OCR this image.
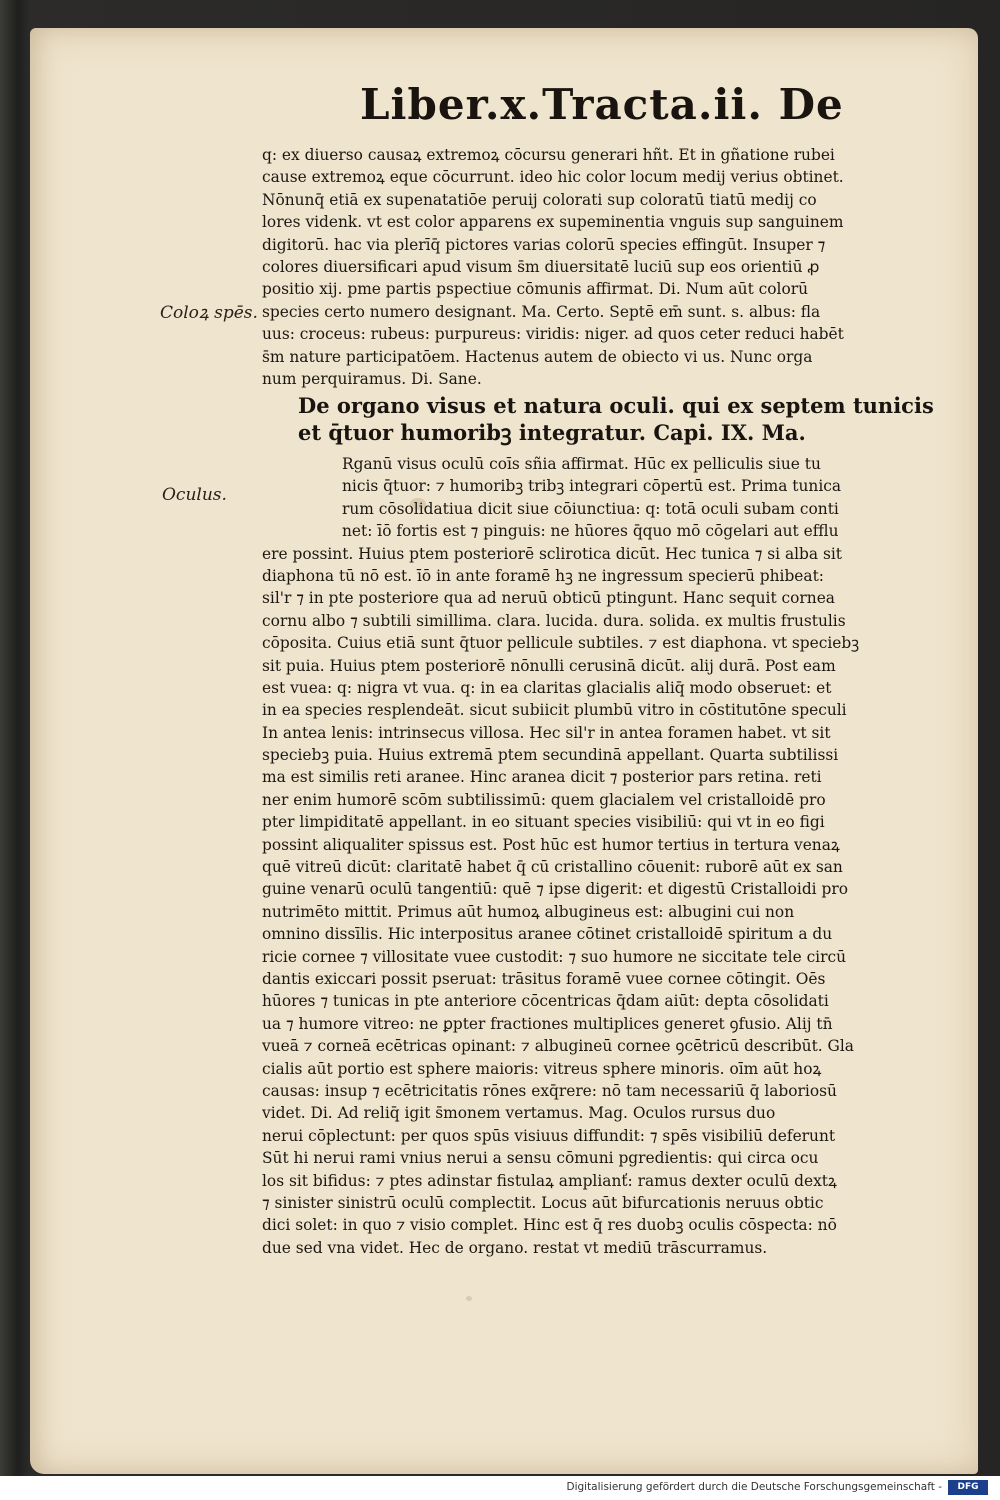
Liber.x.Tracta.ii. De
Coloꝝ spēs.
Oculus.
q: ex diuerso causaꝝ extremoꝝ cōcursu generari hñt. Et in gñatione rubei
cause extremoꝝ eque cōcurrunt. ideo hic color locum medij verius obtinet.
Nōnunq̄ etiā ex supenatatiōe peruij colorati sup coloratū tiatū medij co
lores videnk. vt est color apparens ex supeminentia vnguis sup sanguinem
digitorū. hac via plerīq̄ pictores varias colorū species effingūt. Insuper ⁊
colores diuersificari apud visum s̄m diuersitatē luciū sup eos orientiū ꝓ
positio xij. pme partis pspectiue cōmunis affirmat. Di. Num aūt colorū
species certo numero designant. Ma. Certo. Septē em̄ sunt. s. albus: fla
uus: croceus: rubeus: purpureus: viridis: niger. ad quos ceter reduci habēt
s̄m nature participatōem. Hactenus autem de obiecto vi us. Nunc orga
num perquiramus. Di. Sane.
De organo visus et natura oculi. qui ex septem tunicis
et q̄tuor humoribꝫ integratur. Capi. IX. Ma.
Rganū visus oculū coīs sñia affirmat. Hūc ex pelliculis siue tu
nicis q̄tuor: ⁊ humoribꝫ tribꝫ integrari cōpertū est. Prima tunica
rum cōsolidatiua dicit siue cōiunctiua: q: totā oculi subam conti
net: īō fortis est ⁊ pinguis: ne hūores q̄quo mō cōgelari aut efflu
ere possint. Huius ptem posteriorē sclirotica dicūt. Hec tunica ⁊ si alba sit
diaphona tū nō est. īō in ante foramē hꝫ ne ingressum specierū phibeat:
sil'r ⁊ in pte posteriore qua ad neruū obticū ptingunt. Hanc sequit cornea
cornu albo ⁊ subtili simillima. clara. lucida. dura. solida. ex multis frustulis
cōposita. Cuius etiā sunt q̄tuor pellicule subtiles. ⁊ est diaphona. vt speciebꝫ
sit puia. Huius ptem posteriorē nōnulli cerusinā dicūt. alij durā. Post eam
est vuea: q: nigra vt vua. q: in ea claritas glacialis aliq̄ modo obseruet: et
in ea species resplendeāt. sicut subiicit plumbū vitro in cōstitutōne speculi
In antea lenis: intrinsecus villosa. Hec sil'r in antea foramen habet. vt sit
speciebꝫ puia. Huius extremā ptem secundinā appellant. Quarta subtilissi
ma est similis reti aranee. Hinc aranea dicit ⁊ posterior pars retina. reti
ner enim humorē scōm subtilissimū: quem glacialem vel cristalloidē pro
pter limpiditatē appellant. in eo situant species visibiliū: qui vt in eo figi
possint aliqualiter spissus est. Post hūc est humor tertius in tertura venaꝝ
quē vitreū dicūt: claritatē habet q̄ cū cristallino cōuenit: ruborē aūt ex san
guine venarū oculū tangentiū: quē ⁊ ipse digerit: et digestū Cristalloidi pro
nutrimēto mittit. Primus aūt humoꝝ albugineus est: albugini cui non
omnino dissīlis. Hic interpositus aranee cōtinet cristalloidē spiritum a du
ricie cornee ⁊ villositate vuee custodit: ⁊ suo humore ne siccitate tele circū
dantis exiccari possit pseruat: trāsitus foramē vuee cornee cōtingit. Oēs
hūores ⁊ tunicas in pte anteriore cōcentricas q̄dam aiūt: depta cōsolidati
ua ⁊ humore vitreo: ne ꝑpter fractiones multiplices generet ꝯfusio. Alij tn̄
vueā ⁊ corneā ecētricas opinant: ⁊ albugineū cornee ꝯcētricū describūt. Gla
cialis aūt portio est sphere maioris: vitreus sphere minoris. oīm aūt hoꝝ
causas: insup ⁊ ecētricitatis rōnes exq̄rere: nō tam necessariū q̄ laboriosū
videt. Di. Ad reliq̄ igit s̄monem vertamus. Mag. Oculos rursus duo
nerui cōplectunt: per quos spūs visiuus diffundit: ⁊ spēs visibiliū deferunt
Sūt hi nerui rami vnius nerui a sensu cōmuni pgredientis: qui circa ocu
los sit bifidus: ⁊ ptes adinstar fistulaꝝ amplianť: ramus dexter oculū dextꝝ
⁊ sinister sinistrū oculū complectit. Locus aūt bifurcationis neruus obtic
dici solet: in quo ⁊ visio complet. Hinc est q̄ res duobꝫ oculis cōspecta: nō
due sed vna videt. Hec de organo. restat vt mediū trāscurramus.
Digitalisierung gefördert durch die Deutsche Forschungsgemeinschaft -	DFG
